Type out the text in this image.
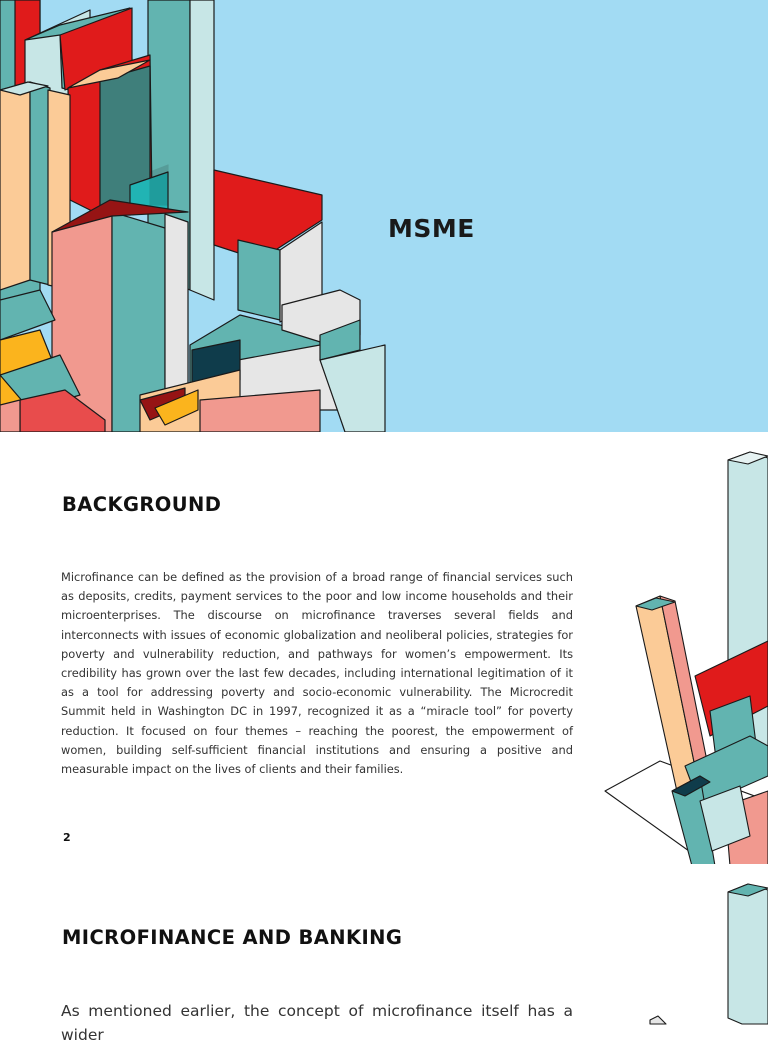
MSME
BACKGROUND
Microfinance can be defined as the provision of a broad range of financial services such as deposits, credits, payment services to the poor and low income households and their microenterprises. The discourse on microfinance traverses several fields and interconnects with issues of economic globalization and neoliberal policies, strategies for poverty and vulnerability reduction, and pathways for women’s empowerment. Its credibility has grown over the last few decades, including international legitimation of it as a tool for addressing poverty and socio-economic vulnerability. The Microcredit Summit held in Washington DC in 1997, recognized it as a “miracle tool” for poverty reduction. It focused on four themes – reaching the poorest, the empowerment of women, building self-sufficient financial institutions and ensuring a positive and measurable impact on the lives of clients and their families.
2
MICROFINANCE AND BANKING
As mentioned earlier, the concept of microfinance itself has a wider
